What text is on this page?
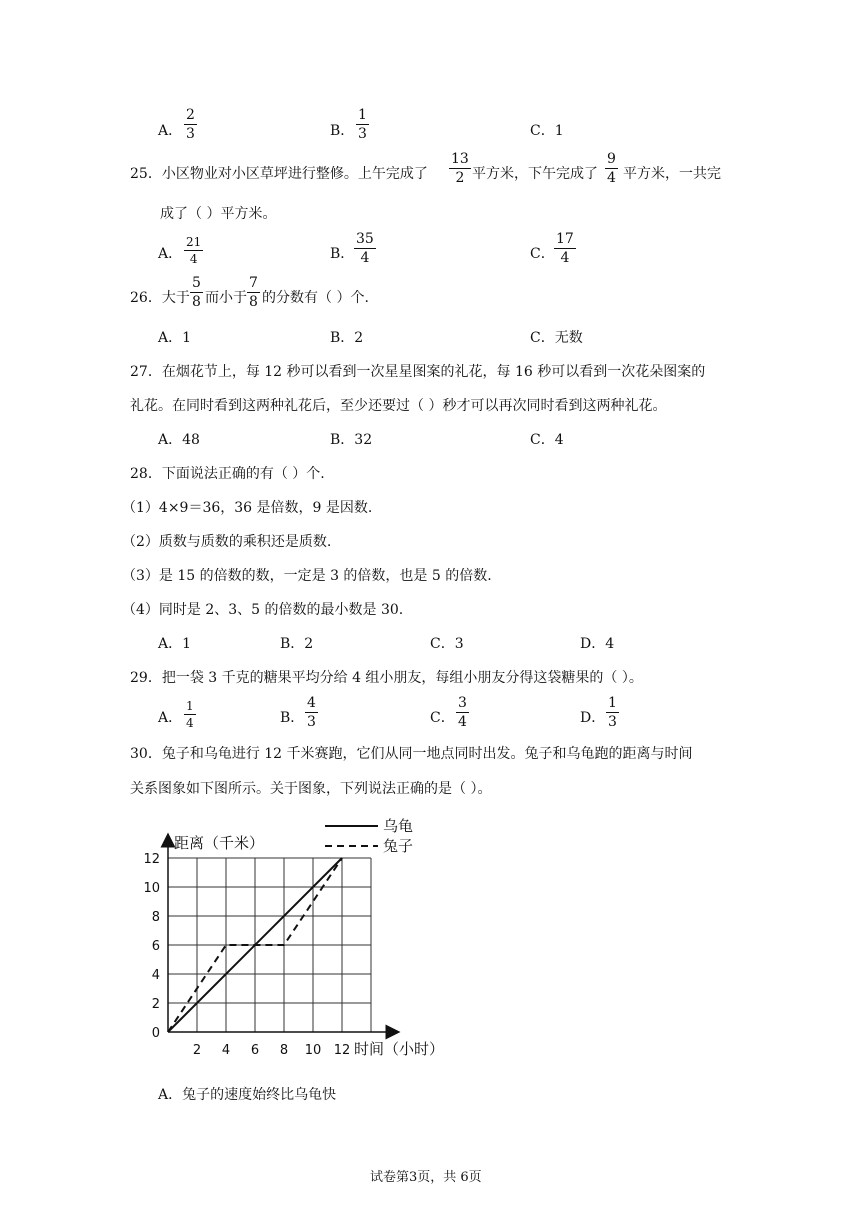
A． $\frac{2}{3}$	B． $\frac{1}{3}$	C．1
25．小区物业对小区草坪进行整修。上午完成了 $\frac{13}{2}$ 平方米，下午完成了 $\frac{9}{4}$ 平方米，一共完
成了（ ）平方米。
A． $\frac{21}{4}$	B． $\frac{35}{4}$	C． $\frac{17}{4}$
26．大于 $\frac{5}{8}$ 而小于 $\frac{7}{8}$ 的分数有（ ）个.
A．1	B．2	C．无数
27．在烟花节上，每 12 秒可以看到一次星星图案的礼花，每 16 秒可以看到一次花朵图案的
礼花。在同时看到这两种礼花后，至少还要过（ ）秒才可以再次同时看到这两种礼花。
A．48	B．32	C．4
28．下面说法正确的有（ ）个.
（1）4×9＝36，36 是倍数，9 是因数.
（2）质数与质数的乘积还是质数.
（3）是 15 的倍数的数，一定是 3 的倍数，也是 5 的倍数.
（4）同时是 2、3、5 的倍数的最小数是 30.
A．1	B．2	C．3	D．4
29．把一袋 3 千克的糖果平均分给 4 组小朋友，每组小朋友分得这袋糖果的（ ）。
A． $\frac{1}{4}$	B． $\frac{4}{3}$	C． $\frac{3}{4}$	D． $\frac{1}{3}$
30．兔子和乌龟进行 12 千米赛跑，它们从同一地点同时出发。兔子和乌龟跑的距离与时间
关系图象如下图所示。关于图象，下列说法正确的是（ ）。
0
2
4
6
8
10
12
2 4 6 8 10 12
距离（千米）
时间（小时）
乌龟
兔子
A．兔子的速度始终比乌龟快
试卷第3页，共 6页
